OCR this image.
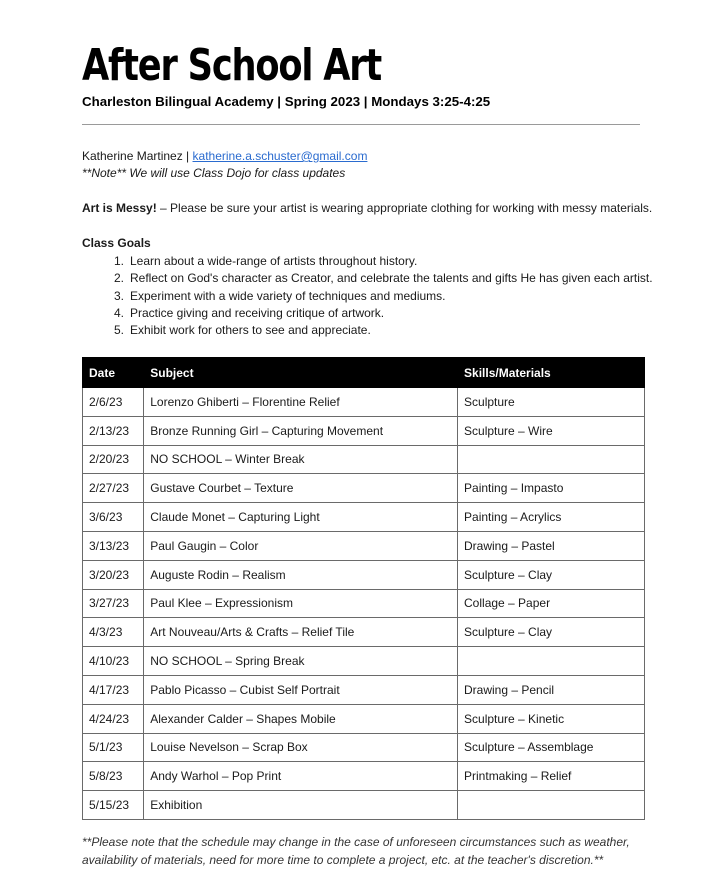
After School Art
Charleston Bilingual Academy | Spring 2023 | Mondays 3:25-4:25
Katherine Martinez | katherine.a.schuster@gmail.com
**Note** We will use Class Dojo for class updates
Art is Messy! – Please be sure your artist is wearing appropriate clothing for working with messy materials.
Class Goals
1. Learn about a wide-range of artists throughout history.
2. Reflect on God's character as Creator, and celebrate the talents and gifts He has given each artist.
3. Experiment with a wide variety of techniques and mediums.
4. Practice giving and receiving critique of artwork.
5. Exhibit work for others to see and appreciate.
Date	Subject	Skills/Materials
2/6/23	Lorenzo Ghiberti – Florentine Relief	Sculpture
2/13/23	Bronze Running Girl – Capturing Movement	Sculpture – Wire
2/20/23	NO SCHOOL – Winter Break	
2/27/23	Gustave Courbet – Texture	Painting – Impasto
3/6/23	Claude Monet – Capturing Light	Painting – Acrylics
3/13/23	Paul Gaugin – Color	Drawing – Pastel
3/20/23	Auguste Rodin – Realism	Sculpture – Clay
3/27/23	Paul Klee – Expressionism	Collage – Paper
4/3/23	Art Nouveau/Arts & Crafts – Relief Tile	Sculpture – Clay
4/10/23	NO SCHOOL – Spring Break	
4/17/23	Pablo Picasso – Cubist Self Portrait	Drawing – Pencil
4/24/23	Alexander Calder – Shapes Mobile	Sculpture – Kinetic
5/1/23	Louise Nevelson – Scrap Box	Sculpture – Assemblage
5/8/23	Andy Warhol – Pop Print	Printmaking – Relief
5/15/23	Exhibition	
**Please note that the schedule may change in the case of unforeseen circumstances such as weather, availability of materials, need for more time to complete a project, etc. at the teacher's discretion.**
